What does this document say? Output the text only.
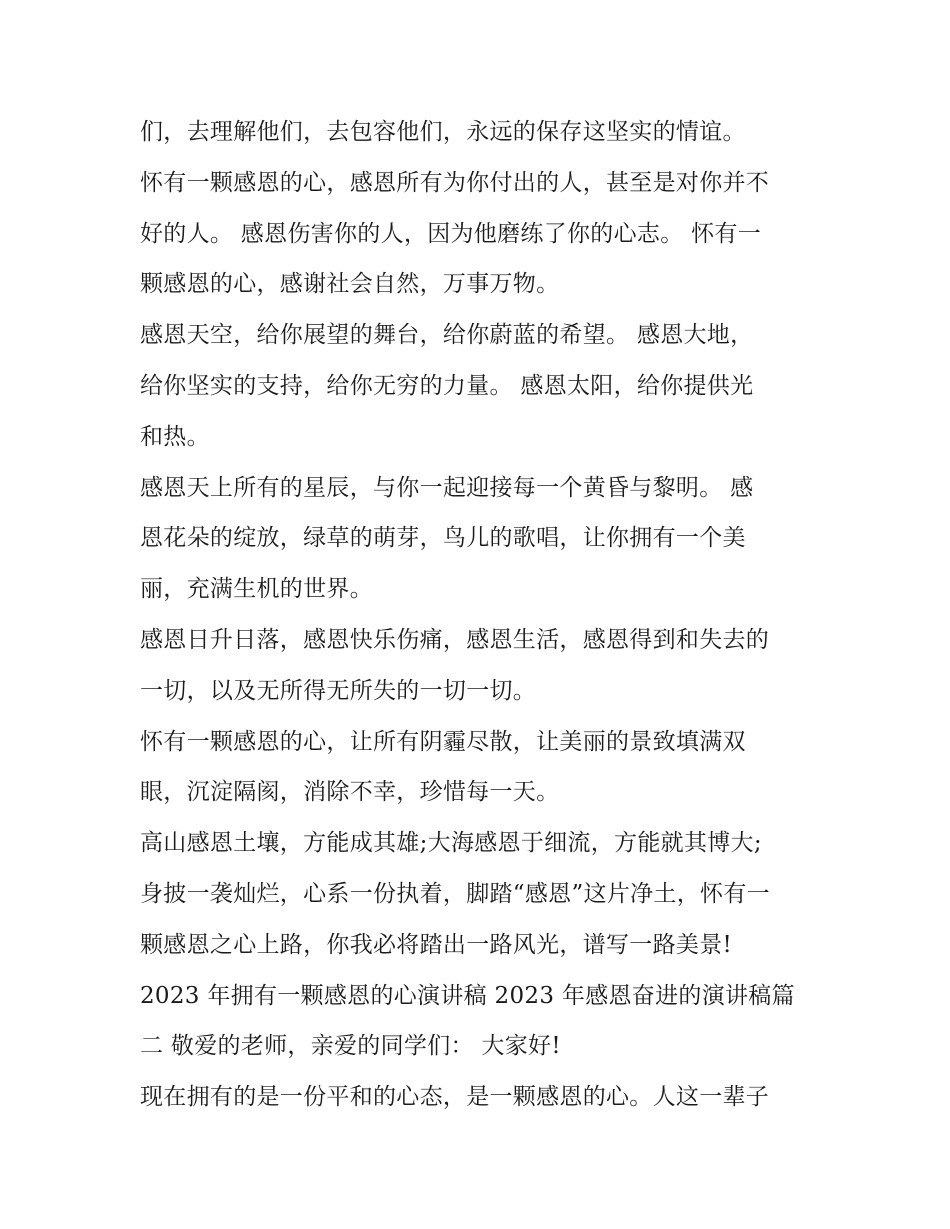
们，去理解他们，去包容他们，永远的保存这坚实的情谊。
怀有一颗感恩的心，感恩所有为你付出的人，甚至是对你并不
好的人。 感恩伤害你的人，因为他磨练了你的心志。 怀有一
颗感恩的心，感谢社会自然，万事万物。
感恩天空，给你展望的舞台，给你蔚蓝的希望。 感恩大地，
给你坚实的支持，给你无穷的力量。 感恩太阳，给你提供光
和热。
感恩天上所有的星辰，与你一起迎接每一个黄昏与黎明。 感
恩花朵的绽放，绿草的萌芽，鸟儿的歌唱，让你拥有一个美
丽，充满生机的世界。
感恩日升日落，感恩快乐伤痛，感恩生活，感恩得到和失去的
一切，以及无所得无所失的一切一切。
怀有一颗感恩的心，让所有阴霾尽散，让美丽的景致填满双
眼，沉淀隔阂，消除不幸，珍惜每一天。
高山感恩土壤，方能成其雄;大海感恩于细流，方能就其博大;
身披一袭灿烂，心系一份执着，脚踏“感恩”这片净土，怀有一
颗感恩之心上路，你我必将踏出一路风光，谱写一路美景!
2023 年拥有一颗感恩的心演讲稿 2023 年感恩奋进的演讲稿篇
二 敬爱的老师，亲爱的同学们： 大家好!
现在拥有的是一份平和的心态，是一颗感恩的心。人这一辈子
